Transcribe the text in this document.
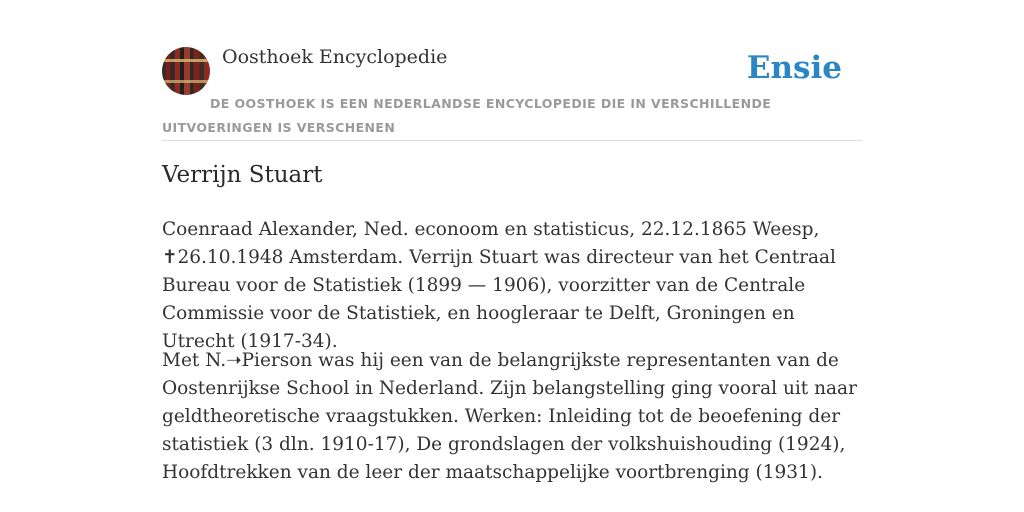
Oosthoek Encyclopedie	Ensie
DE OOSTHOEK IS EEN NEDERLANDSE ENCYCLOPEDIE DIE IN VERSCHILLENDE UITVOERINGEN IS VERSCHENEN
Verrijn Stuart

Coenraad Alexander, Ned. econoom en statisticus, 22.12.1865 Weesp, ✝26.10.1948 Amsterdam. Verrijn Stuart was directeur van het Centraal Bureau voor de Statistiek (1899 — 1906), voorzitter van de Centrale Commissie voor de Statistiek, en hoogleraar te Delft, Groningen en Utrecht (1917-34).

Met N.➝Pierson was hij een van de belangrijkste representanten van de Oostenrijkse School in Nederland. Zijn belangstelling ging vooral uit naar geldtheoretische vraagstukken. Werken: Inleiding tot de beoefening der statistiek (3 dln. 1910-17), De grondslagen der volkshuishouding (1924), Hoofdtrekken van de leer der maatschappelijke voortbrenging (1931).
